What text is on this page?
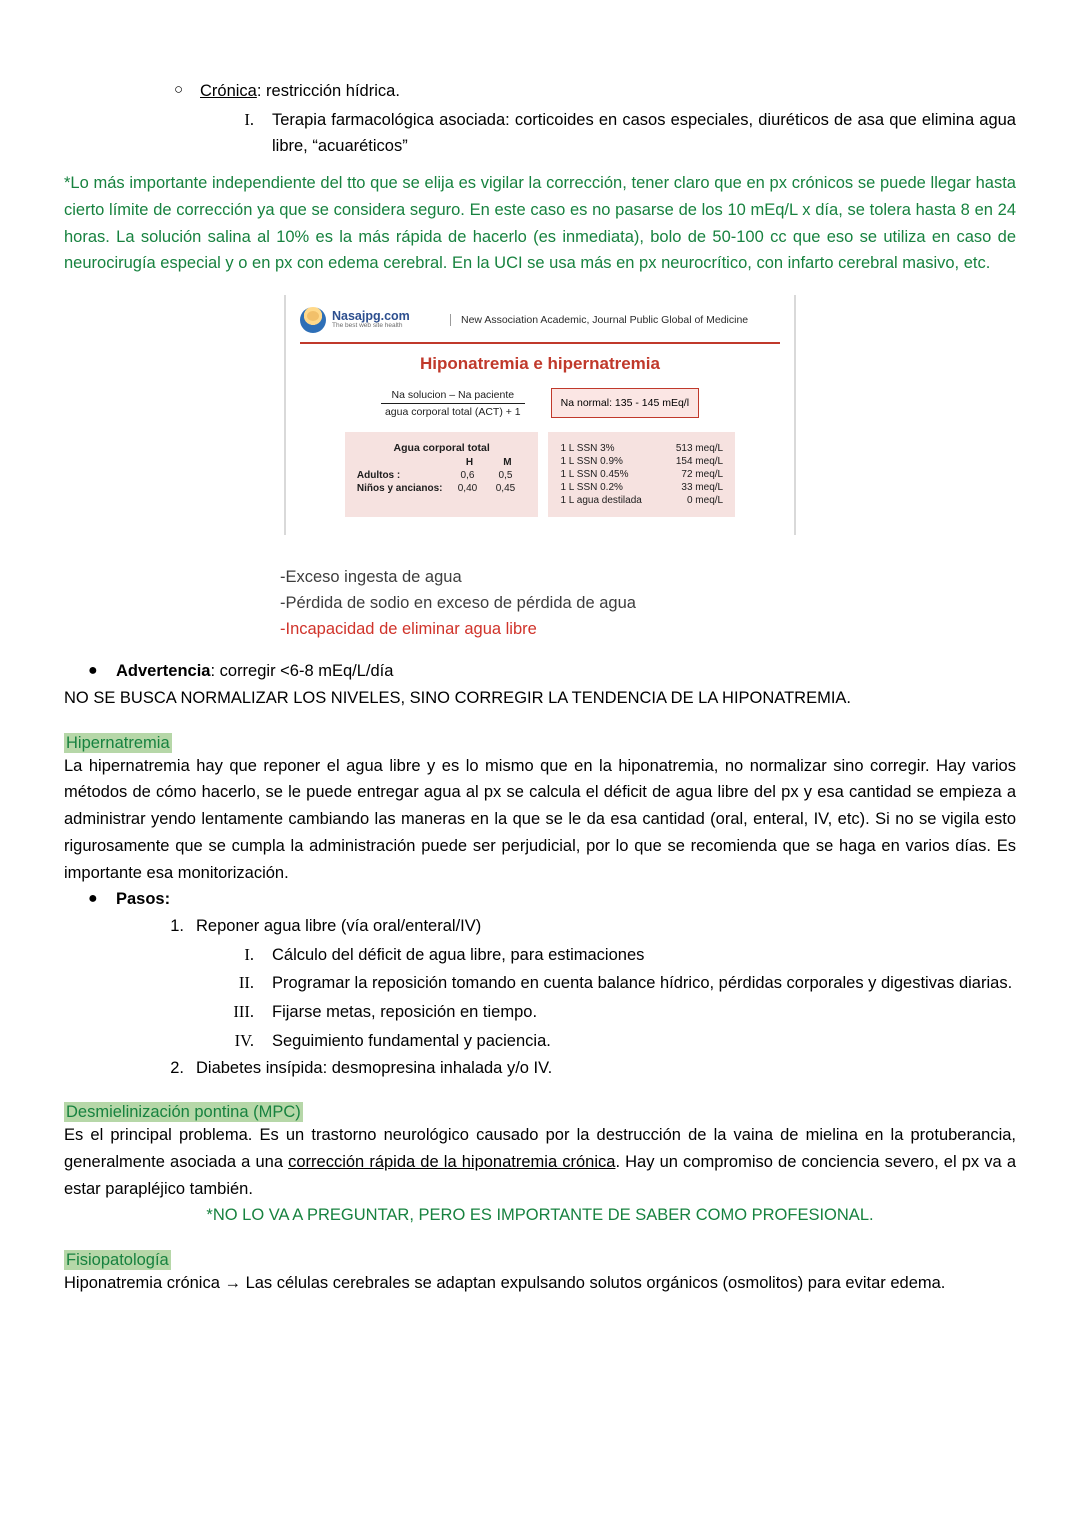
○	Crónica: restricción hídrica.
I.	Terapia farmacológica asociada: corticoides en casos especiales, diuréticos de asa que elimina agua libre, “acuaréticos”

*Lo más importante independiente del tto que se elija es vigilar la corrección, tener claro que en px crónicos se puede llegar hasta cierto límite de corrección ya que se considera seguro. En este caso es no pasarse de los 10 mEq/L x día, se tolera hasta 8 en 24 horas. La solución salina al 10% es la más rápida de hacerlo (es inmediata), bolo de 50-100 cc que eso se utiliza en caso de neurocirugía especial y o en px con edema cerebral. En la UCI se usa más en px neurocrítico, con infarto cerebral masivo, etc.

Nasajpg.com
The best web site health	New Association Academic, Journal Public Global of Medicine
Hiponatremia e hipernatremia
$\frac{\text{Na solucion – Na paciente}}{\text{agua corporal total (ACT) + 1}}$	Na normal: 135 - 145 mEq/l
Agua corporal total
	H	M
Adultos :	0,6	0,5
Niños y ancianos:	0,40	0,45
1 L SSN 3%	513 meq/L
1 L SSN 0.9%	154 meq/L
1 L SSN 0.45%	72 meq/L
1 L SSN 0.2%	33 meq/L
1 L agua destilada	0 meq/L
-Exceso ingesta de agua
-Pérdida de sodio en exceso de pérdida de agua
-Incapacidad de eliminar agua libre
●	Advertencia: corregir <6-8 mEq/L/día

NO SE BUSCA NORMALIZAR LOS NIVELES, SINO CORREGIR LA TENDENCIA DE LA HIPONATREMIA.

Hipernatremia

La hipernatremia hay que reponer el agua libre y es lo mismo que en la hiponatremia, no normalizar sino corregir. Hay varios métodos de cómo hacerlo, se le puede entregar agua al px se calcula el déficit de agua libre del px y esa cantidad se empieza a administrar yendo lentamente cambiando las maneras en la que se le da esa cantidad (oral, enteral, IV, etc). Si no se vigila esto rigurosamente que se cumpla la administración puede ser perjudicial, por lo que se recomienda que se haga en varios días. Es importante esa monitorización.

●	Pasos:
1. Reponer agua libre (vía oral/enteral/IV)
I.	Cálculo del déficit de agua libre, para estimaciones
II.	Programar la reposición tomando en cuenta balance hídrico, pérdidas corporales y digestivas diarias.
III.	Fijarse metas, reposición en tiempo.
IV.	Seguimiento fundamental y paciencia.
2. Diabetes insípida: desmopresina inhalada y/o IV.
Desmielinización pontina (MPC)

Es el principal problema. Es un trastorno neurológico causado por la destrucción de la vaina de mielina en la protuberancia, generalmente asociada a una corrección rápida de la hiponatremia crónica. Hay un compromiso de conciencia severo, el px va a estar parapléjico también.

*NO LO VA A PREGUNTAR, PERO ES IMPORTANTE DE SABER COMO PROFESIONAL.

Fisiopatología

Hiponatremia crónica → Las células cerebrales se adaptan expulsando solutos orgánicos (osmolitos) para evitar edema.
